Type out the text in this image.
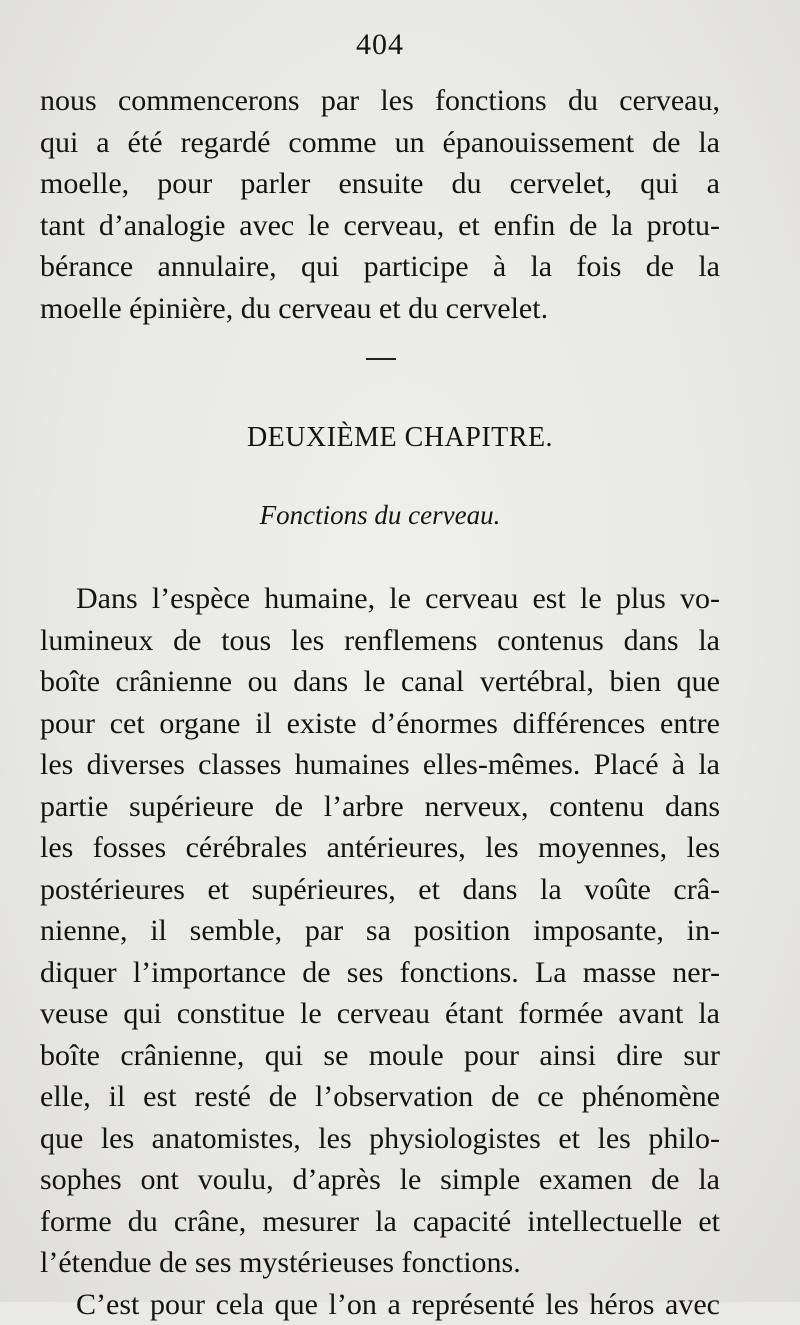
404
nous commencerons par les fonctions du cerveau,
qui a été regardé comme un épanouissement de la
moelle, pour parler ensuite du cervelet, qui a
tant d’analogie avec le cerveau, et enfin de la protu-
bérance annulaire, qui participe à la fois de la
moelle épinière, du cerveau et du cervelet.
DEUXIÈME CHAPITRE.
Fonctions du cerveau.
Dans l’espèce humaine, le cerveau est le plus vo-
lumineux de tous les renflemens contenus dans la
boîte crânienne ou dans le canal vertébral, bien que
pour cet organe il existe d’énormes différences entre
les diverses classes humaines elles-mêmes. Placé à la
partie supérieure de l’arbre nerveux, contenu dans
les fosses cérébrales antérieures, les moyennes, les
postérieures et supérieures, et dans la voûte crâ-
nienne, il semble, par sa position imposante, in-
diquer l’importance de ses fonctions. La masse ner-
veuse qui constitue le cerveau étant formée avant la
boîte crânienne, qui se moule pour ainsi dire sur
elle, il est resté de l’observation de ce phénomène
que les anatomistes, les physiologistes et les philo-
sophes ont voulu, d’après le simple examen de la
forme du crâne, mesurer la capacité intellectuelle et
l’étendue de ses mystérieuses fonctions.
C’est pour cela que l’on a représenté les héros avec
